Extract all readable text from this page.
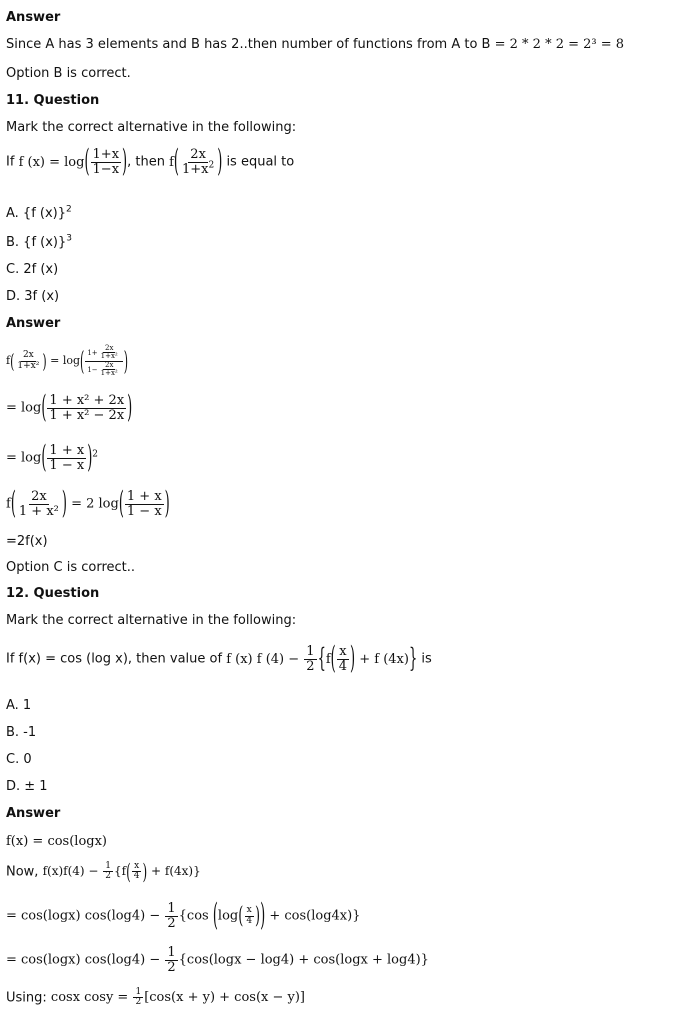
Answer
Since A has 3 elements and B has 2..then number of functions from A to B = 2 * 2 * 2 = 2³ = 8
Option B is correct.
11. Question
Mark the correct alternative in the following:
If f $(x) = \log( \frac{1+x}{1-x}$ ), then $f( \frac{2x}{1+x^2}$ ) is equal to
A. {f (x)}$^2$
B. {f (x)}$^3$
C. 2f (x)
D. 3f (x)
Answer
$f( \frac{2x}{\text{1+x²}}$ ) = $\log( \frac{1+ \frac{2x}{\text{1+x²}}}{1- \frac{2x}{\text{1+x²}}}$ )
= $\log( \frac{\text{1 + x² + 2x}}{\text{1 + x² − 2x}}$ )
= $\log( \frac{1 + x}{1 - x} )^2$
$f( \frac{2x}{\text{1 + x²}}$ ) = 2 $\log( \frac{1 + x}{1 - x}$ )
=2f(x)
Option C is correct..
12. Question
Mark the correct alternative in the following:
If f(x) = cos (log x), then value of f (x) f $(4) - \frac{1}{2} \{f( \frac{x}{4}$ ) + f (4x)} is
A. 1
B. -1
C. 0
D. ± 1
Answer
f(x) = cos(logx)
Now, $f(x)f(4) - \frac{1}{2} \{f( \frac{x}{4}$ ) + f(4x)}
= cos(logx) $\cos(\log 4) - \frac{1}{2} \{\cos$ ($\log( \frac{x}{4}$ )) + cos(log4x)}
= cos(logx) $\cos(\log 4) - \frac{1}{2} \{\cos(\log x - \log 4) + \cos(\log x + \log 4)\}$
Using: cosx $\cos y = \frac{1}{2} [\cos(x + y) + \cos(x - y)]$
